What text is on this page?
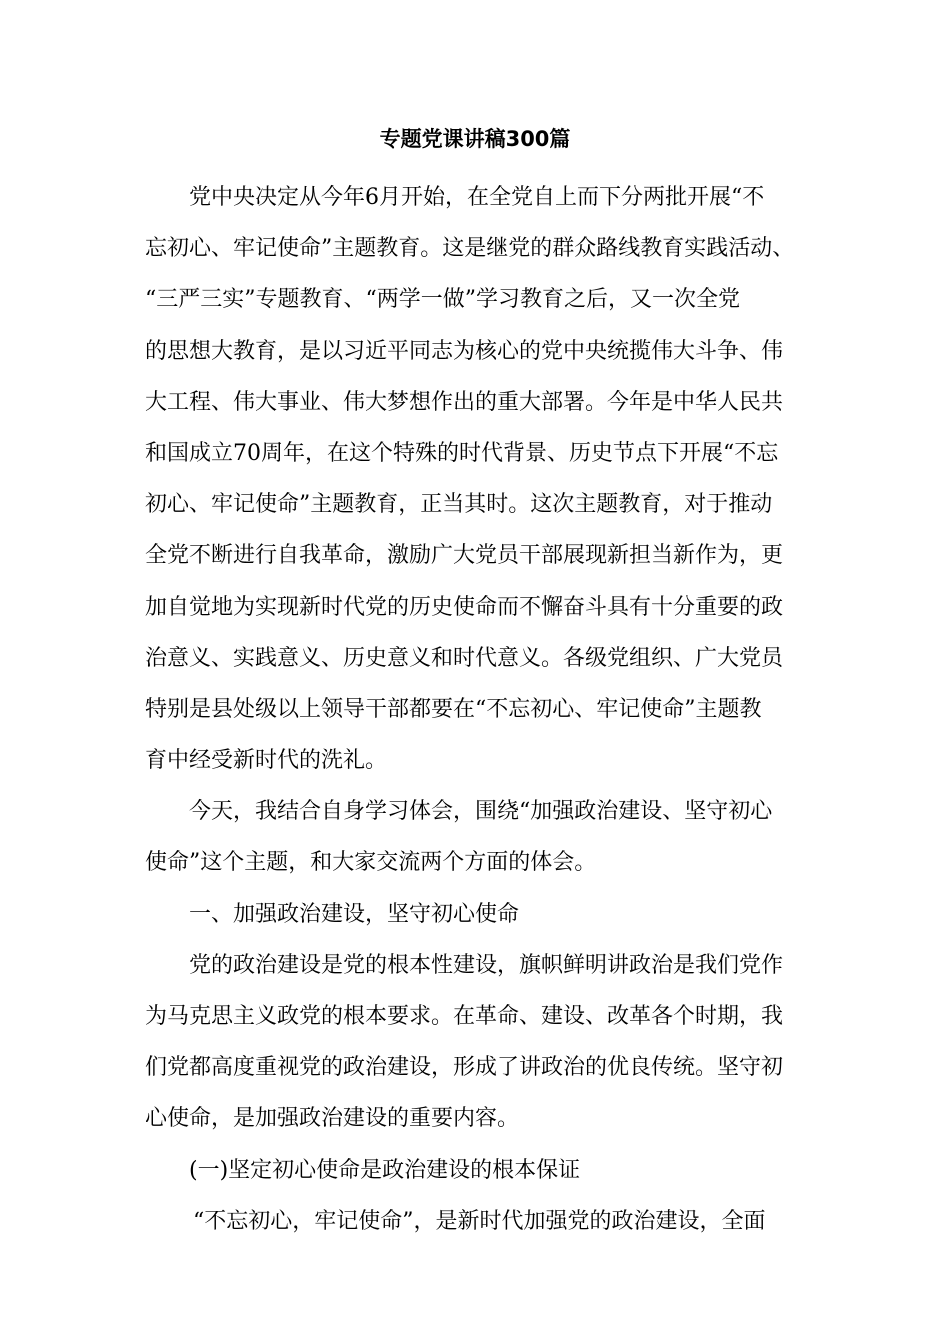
专题党课讲稿300篇
党中央决定从今年6月开始，在全党自上而下分两批开展“不
忘初心、牢记使命”主题教育。这是继党的群众路线教育实践活动、
“三严三实”专题教育、“两学一做”学习教育之后，又一次全党
的思想大教育，是以习近平同志为核心的党中央统揽伟大斗争、伟
大工程、伟大事业、伟大梦想作出的重大部署。今年是中华人民共
和国成立70周年，在这个特殊的时代背景、历史节点下开展“不忘
初心、牢记使命”主题教育，正当其时。这次主题教育，对于推动
全党不断进行自我革命，激励广大党员干部展现新担当新作为，更
加自觉地为实现新时代党的历史使命而不懈奋斗具有十分重要的政
治意义、实践意义、历史意义和时代意义。各级党组织、广大党员
特别是县处级以上领导干部都要在“不忘初心、牢记使命”主题教
育中经受新时代的洗礼。
今天，我结合自身学习体会，围绕“加强政治建设、坚守初心
使命”这个主题，和大家交流两个方面的体会。
一、加强政治建设，坚守初心使命
党的政治建设是党的根本性建设，旗帜鲜明讲政治是我们党作
为马克思主义政党的根本要求。在革命、建设、改革各个时期，我
们党都高度重视党的政治建设，形成了讲政治的优良传统。坚守初
心使命，是加强政治建设的重要内容。
(一)坚定初心使命是政治建设的根本保证
“不忘初心，牢记使命”，是新时代加强党的政治建设，全面
